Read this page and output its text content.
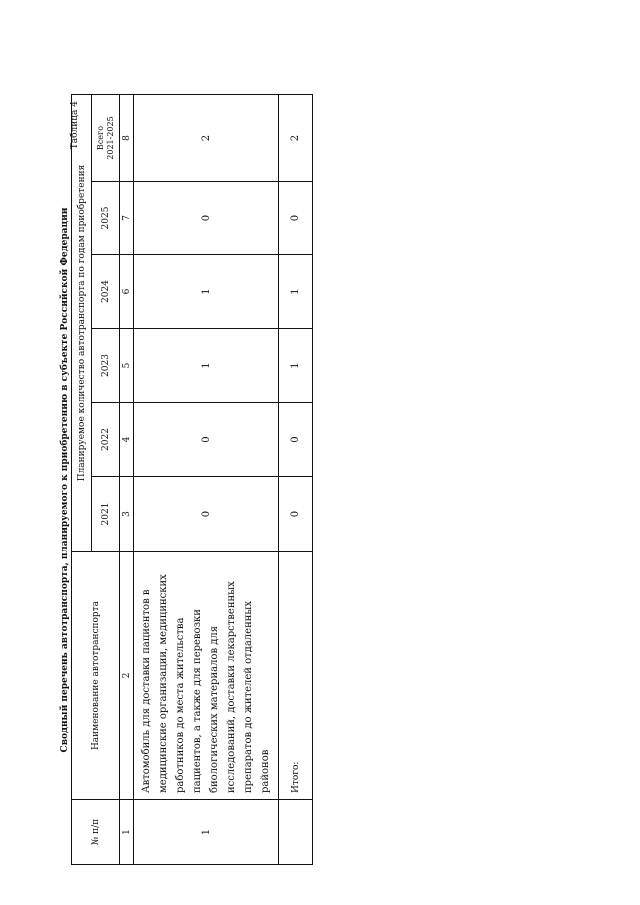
Таблица 4
Сводный перечень автотранспорта, планируемого к приобретению в субъекте Российской Федерации
№ п/п	Наименование автотранспорта	Планируемое количество автотранспорта по годам приобретения					
		2021	2022	2023	2024	2025	Всего 2021-2025

1	2	3	4	5	6	7	8
1	Автомобиль для доставки пациентов в медицинские организации, медицинских работников до места жительства пациентов, а также для перевозки биологических материалов для исследований, доставки лекарственных препаратов до жителей отдаленных районов	0	0	1	1	0	2
	Итого:	0	0	1	1	0	2
